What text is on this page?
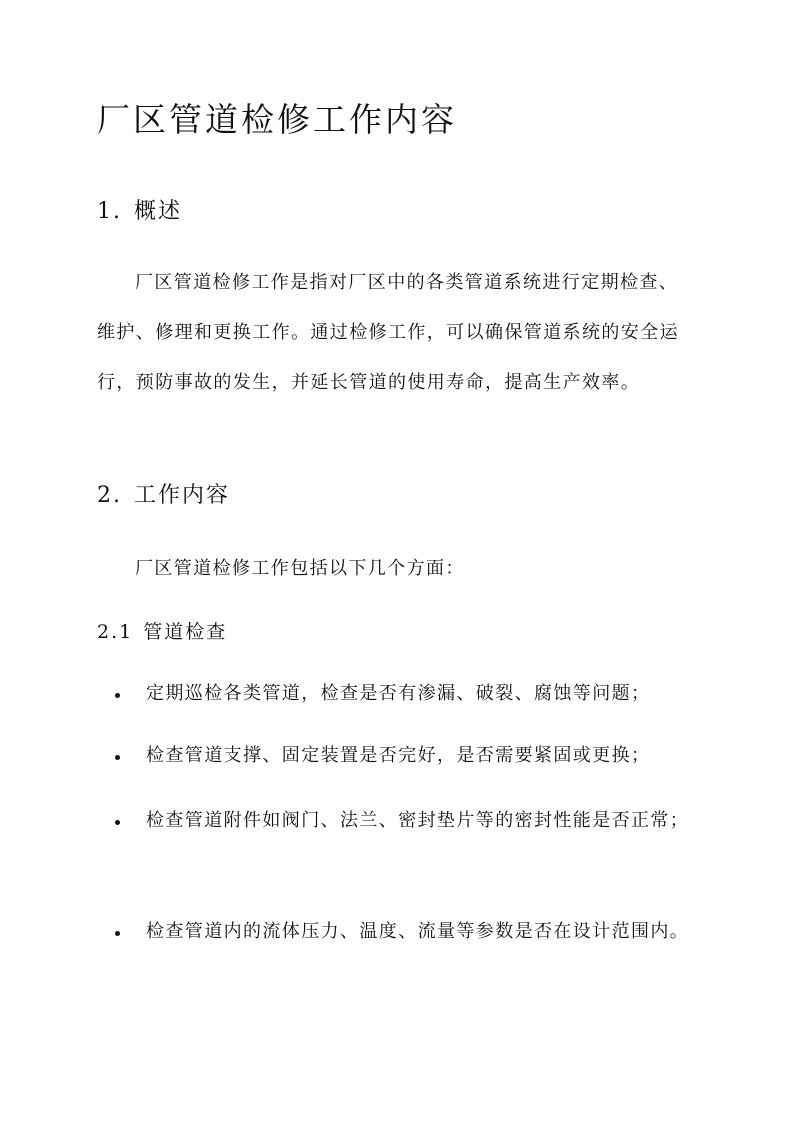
厂区管道检修工作内容
1. 概述

厂区管道检修工作是指对厂区中的各类管道系统进行定期检查、维护、修理和更换工作。通过检修工作，可以确保管道系统的安全运行，预防事故的发生，并延长管道的使用寿命，提高生产效率。

2. 工作内容
厂区管道检修工作包括以下几个方面：
2.1 管道检查
定期巡检各类管道，检查是否有渗漏、破裂、腐蚀等问题；
检查管道支撑、固定装置是否完好，是否需要紧固或更换；
检查管道附件如阀门、法兰、密封垫片等的密封性能是否正常；
检查管道内的流体压力、温度、流量等参数是否在设计范围内。
